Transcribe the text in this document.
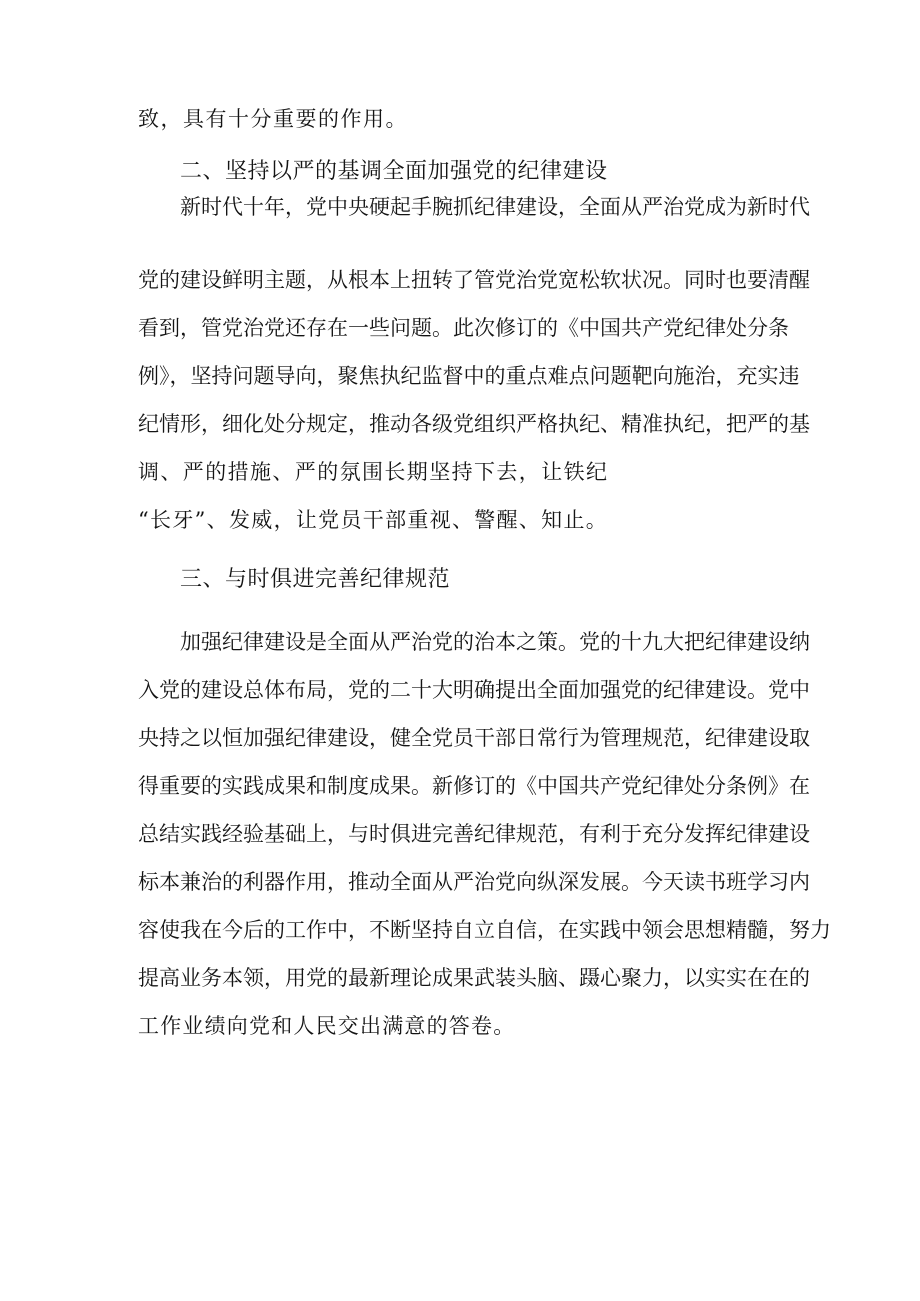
致，具有十分重要的作用。
二、坚持以严的基调全面加强党的纪律建设
新时代十年，党中央硬起手腕抓纪律建设，全面从严治党成为新时代
党的建设鲜明主题，从根本上扭转了管党治党宽松软状况。同时也要清醒
看到，管党治党还存在一些问题。此次修订的《中国共产党纪律处分条
例》，坚持问题导向，聚焦执纪监督中的重点难点问题靶向施治，充实违
纪情形，细化处分规定，推动各级党组织严格执纪、精准执纪，把严的基
调、严的措施、严的氛围长期坚持下去，让铁纪
“长牙”、发威，让党员干部重视、警醒、知止。
三、与时俱进完善纪律规范
加强纪律建设是全面从严治党的治本之策。党的十九大把纪律建设纳
入党的建设总体布局，党的二十大明确提出全面加强党的纪律建设。党中
央持之以恒加强纪律建设，健全党员干部日常行为管理规范，纪律建设取
得重要的实践成果和制度成果。新修订的《中国共产党纪律处分条例》在
总结实践经验基础上，与时俱进完善纪律规范，有利于充分发挥纪律建设
标本兼治的利器作用，推动全面从严治党向纵深发展。今天读书班学习内
容使我在今后的工作中，不断坚持自立自信，在实践中领会思想精髓，努力
提高业务本领，用党的最新理论成果武装头脑、蹑心聚力，以实实在在的
工作业绩向党和人民交出满意的答卷。
